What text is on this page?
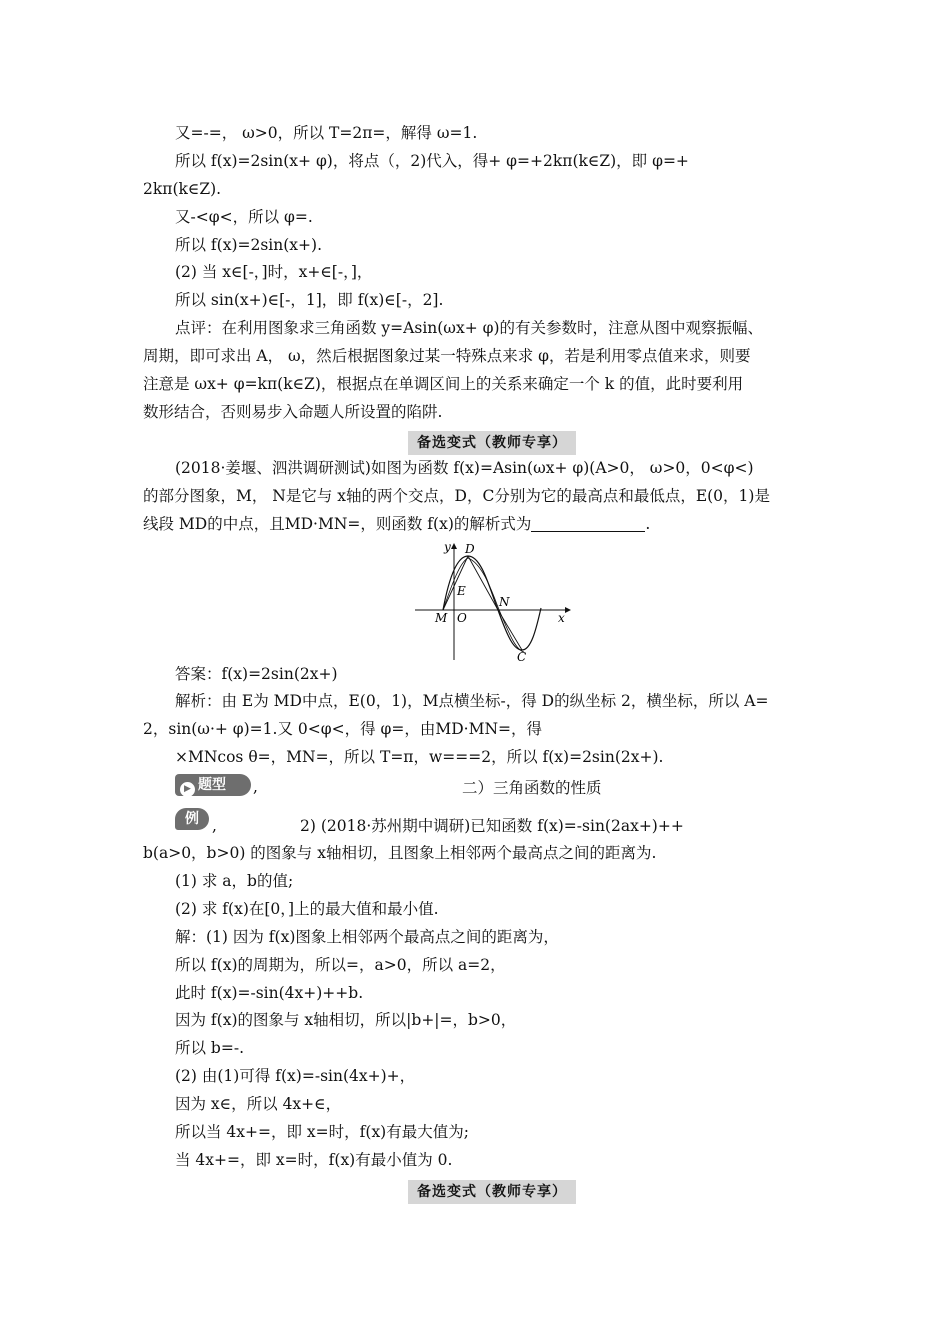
又=-=， ω>0，所以 T=2π=，解得 ω=1.
所以 f(x)=2sin(x+ φ)，将点（，2)代入，得+ φ=+2kπ(k∈Z)，即 φ=+
2kπ(k∈Z).
又-<φ<，所以 φ=.
所以 f(x)=2sin(x+).
(2) 当 x∈[-，]时，x+∈[-，]，
所以 sin(x+)∈[-，1]，即 f(x)∈[-，2].
点评：在利用图象求三角函数 y=Asin(ωx+ φ)的有关参数时，注意从图中观察振幅、
周期，即可求出 A， ω，然后根据图象过某一特殊点来求 φ，若是利用零点值来求，则要
注意是 ωx+ φ=kπ(k∈Z)，根据点在单调区间上的关系来确定一个 k 的值，此时要利用
数形结合，否则易步入命题人所设置的陷阱.
备选变式（教师专享）
(2018·姜堰、泗洪调研测试)如图为函数 f(x)=Asin(ωx+ φ)(A>0， ω>0，0<φ<)
的部分图象，M， N是它与 x轴的两个交点，D，C分别为它的最高点和最低点，E(0，1)是
线段 MD的中点，且MD·MN=，则函数 f(x)的解析式为	.
y D
E
N
M O	x
C
答案：f(x)=2sin(2x+)
解析：由 E为 MD中点，E(0，1)，M点横坐标-，得 D的纵坐标 2，横坐标，所以 A=
2，sin(ω·+ φ)=1.又 0<φ<，得 φ=，由MD·MN=，得
×MNcos θ=，MN=，所以 T=π，w===2，所以 f(x)=2sin(2x+).
▶ 题型	,	二）三角函数的性质
例 ,	2) (2018·苏州期中调研)已知函数 f(x)=-sin(2ax+)++
b(a>0，b>0) 的图象与 x轴相切，且图象上相邻两个最高点之间的距离为.
(1) 求 a，b的值;
(2) 求 f(x)在[0，]上的最大值和最小值.
解：(1) 因为 f(x)图象上相邻两个最高点之间的距离为，
所以 f(x)的周期为，所以=，a>0，所以 a=2，
此时 f(x)=-sin(4x+)++b.
因为 f(x)的图象与 x轴相切，所以|b+|=，b>0，
所以 b=-.
(2) 由(1)可得 f(x)=-sin(4x+)+，
因为 x∈，所以 4x+∈，
所以当 4x+=，即 x=时，f(x)有最大值为;
当 4x+=，即 x=时，f(x)有最小值为 0.
备选变式（教师专享）
